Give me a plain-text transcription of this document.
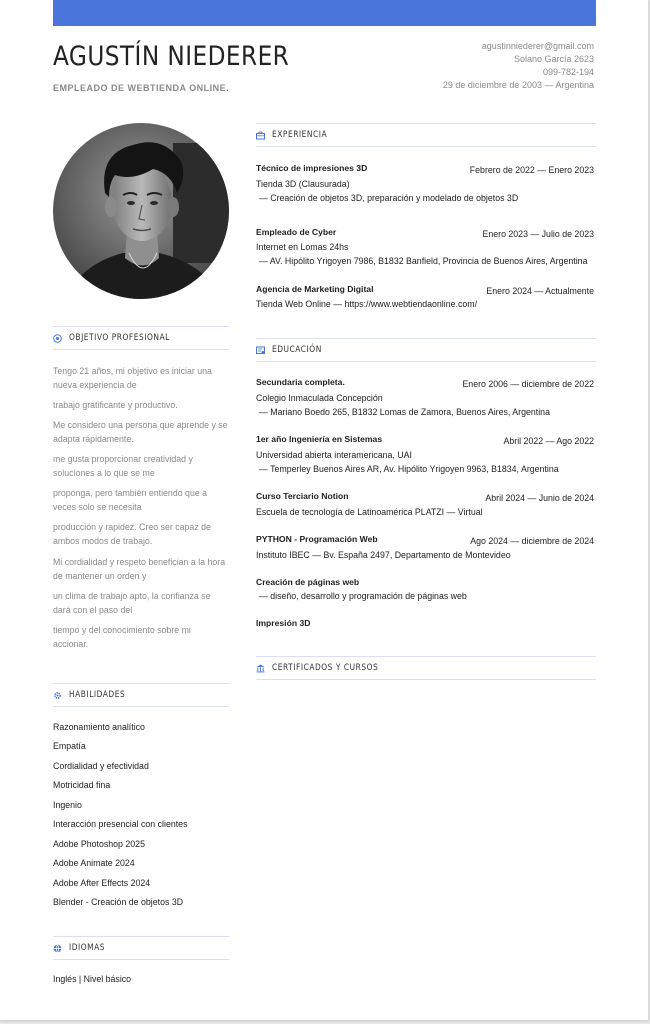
AGUSTÍN NIEDERER
EMPLEADO DE WEBTIENDA ONLINE.
agustinniederer@gmail.com
Solano García 2623
099-782-194
29 de diciembre de 2003 — Argentina
OBJETIVO PROFESIONAL
Tengo 21 años, mi objetivo es iniciar una
nueva experiencia de
trabajo gratificante y productivo.
Me considero una persona que aprende y se
adapta rápidamente.
me gusta proporcionar creatividad y
soluciones a lo que se me
proponga, pero también entiendo que a
veces solo se necesita
producción y rapidez. Creo ser capaz de
ambos modos de trabajo.
Mi cordialidad y respeto benefician a la hora
de mantener un orden y
un clima de trabajo apto, la confianza se
dará con el paso del
tiempo y del conocimiento sobre mi
accionar.
HABILIDADES
Razonamiento analítico
Empatía
Cordialidad y efectividad
Motricidad fina
Ingenio
Interacción presencial con clientes
Adobe Photoshop 2025
Adobe Animate 2024
Adobe After Effects 2024
Blender - Creación de objetos 3D
IDIOMAS
Inglés | Nivel básico
EXPERIENCIA
Técnico de impresiones 3D	Febrero de 2022 — Enero 2023
Tienda 3D (Clausurada)
— Creación de objetos 3D, preparación y modelado de objetos 3D
Empleado de Cyber	Enero 2023 — Julio de 2023
Internet en Lomas 24hs
— AV. Hipólito Yrigoyen 7986, B1832 Banfield, Provincia de Buenos Aires, Argentina
Agencia de Marketing Digital	Enero 2024 — Actualmente
Tienda Web Online — https://www.webtiendaonline.com/
EDUCACIÓN
Secundaria completa.	Enero 2006 — diciembre de 2022
Colegio Inmaculada Concepción
— Mariano Boedo 265, B1832 Lomas de Zamora, Buenos Aires, Argentina
1er año Ingeniería en Sistemas	Abril 2022 — Ago 2022
Universidad abierta interamericana, UAI
— Temperley Buenos Aires AR, Av. Hipólito Yrigoyen 9963, B1834, Argentina
Curso Terciario Notion	Abril 2024 — Junio de 2024
Escuela de tecnología de Latinoamérica PLATZI — Virtual
PYTHON - Programación Web	Ago 2024 — diciembre de 2024
Instituto IBEC — Bv. España 2497, Departamento de Montevideo
Creación de páginas web
— diseño, desarrollo y programación de páginas web
Impresión 3D
CERTIFICADOS Y CURSOS
